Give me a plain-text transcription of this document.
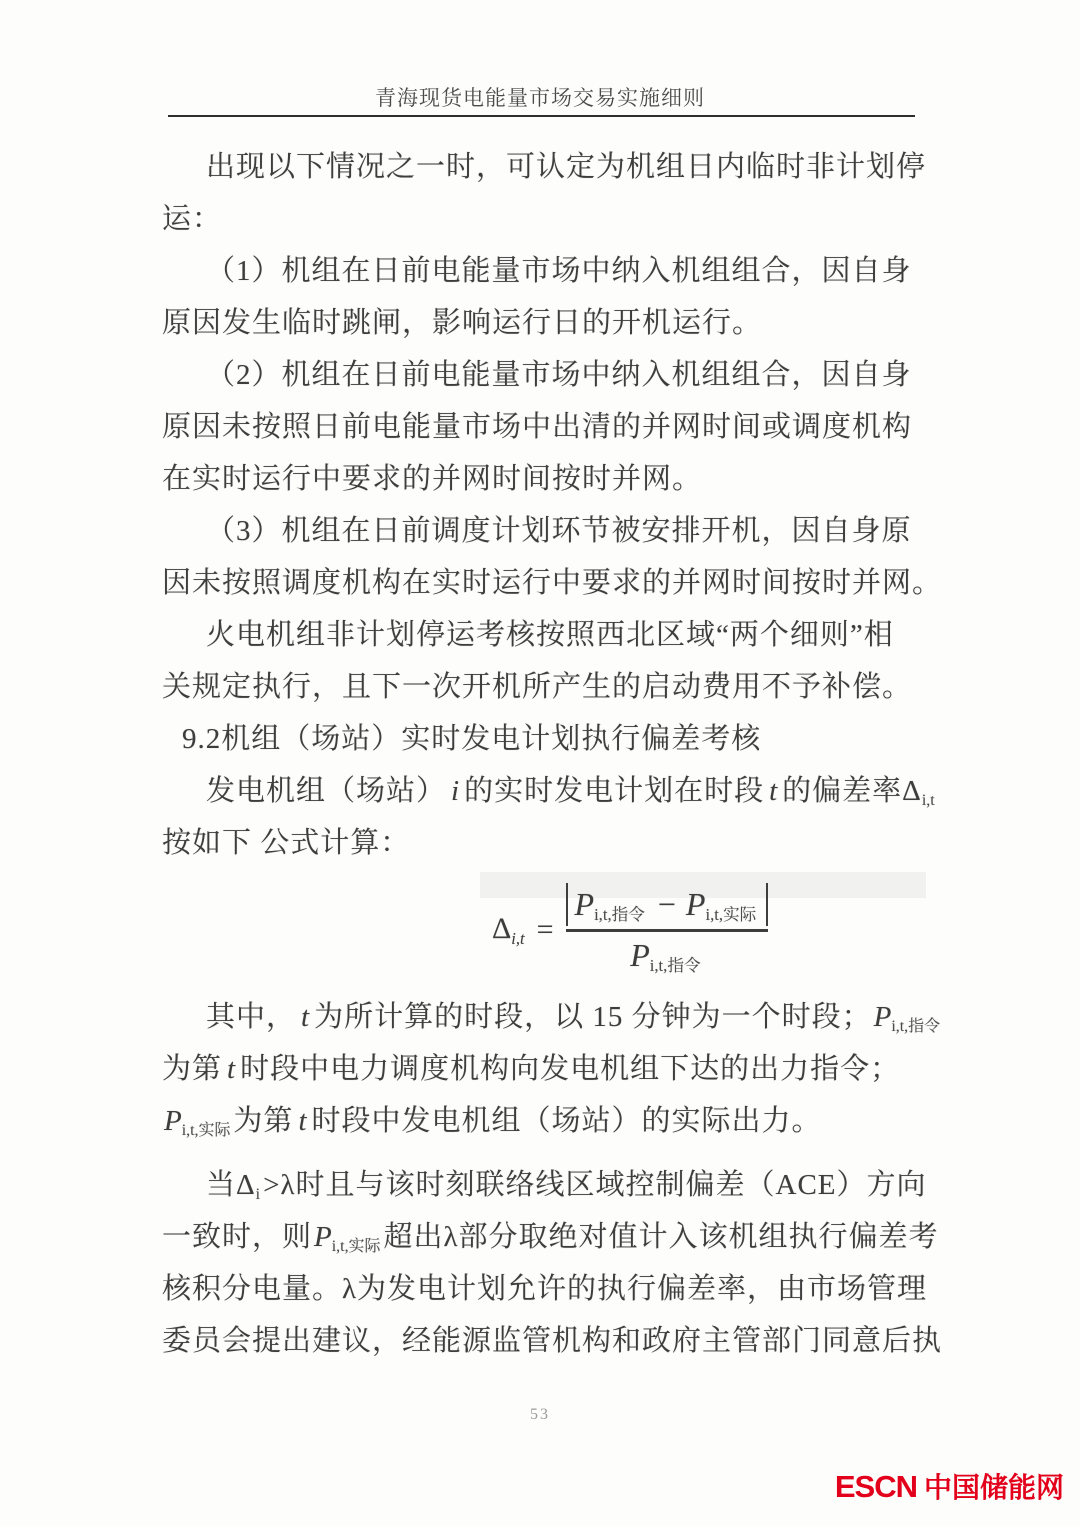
青海现货电能量市场交易实施细则
出现以下情况之一时，可认定为机组日内临时非计划停
运：
（1）机组在日前电能量市场中纳入机组组合，因自身
原因发生临时跳闸，影响运行日的开机运行。
（2）机组在日前电能量市场中纳入机组组合，因自身
原因未按照日前电能量市场中出清的并网时间或调度机构
在实时运行中要求的并网时间按时并网。
（3）机组在日前调度计划环节被安排开机，因自身原
因未按照调度机构在实时运行中要求的并网时间按时并网。
火电机组非计划停运考核按照西北区域“两个细则”相
关规定执行，且下一次开机所产生的启动费用不予补偿。
9.2机组（场站）实时发电计划执行偏差考核
发电机组（场站） i 的实时发电计划在时段 t 的偏差率$\Delta_{i,t}$
按如下 公式计算：
$\Delta_{i,t} = \frac{P_{i,t,指令} - P_{i,t,实际}}{P_{i,t,指令}}$
其中， t 为所计算的时段，以 15 分钟为一个时段；$P_{i,t,指令}$
为第 t 时段中电力调度机构向发电机组下达的出力指令；
$P_{i,t,实际}$ 为第 t 时段中发电机组（场站）的实际出力。
当$\Delta_i >\lambda$时且与该时刻联络线区域控制偏差（ACE）方向
一致时，则$P_{i,t,实际}$ 超出λ部分取绝对值计入该机组执行偏差考
核积分电量。λ为发电计划允许的执行偏差率，由市场管理
委员会提出建议，经能源监管机构和政府主管部门同意后执
53
ESCN 中国储能网
